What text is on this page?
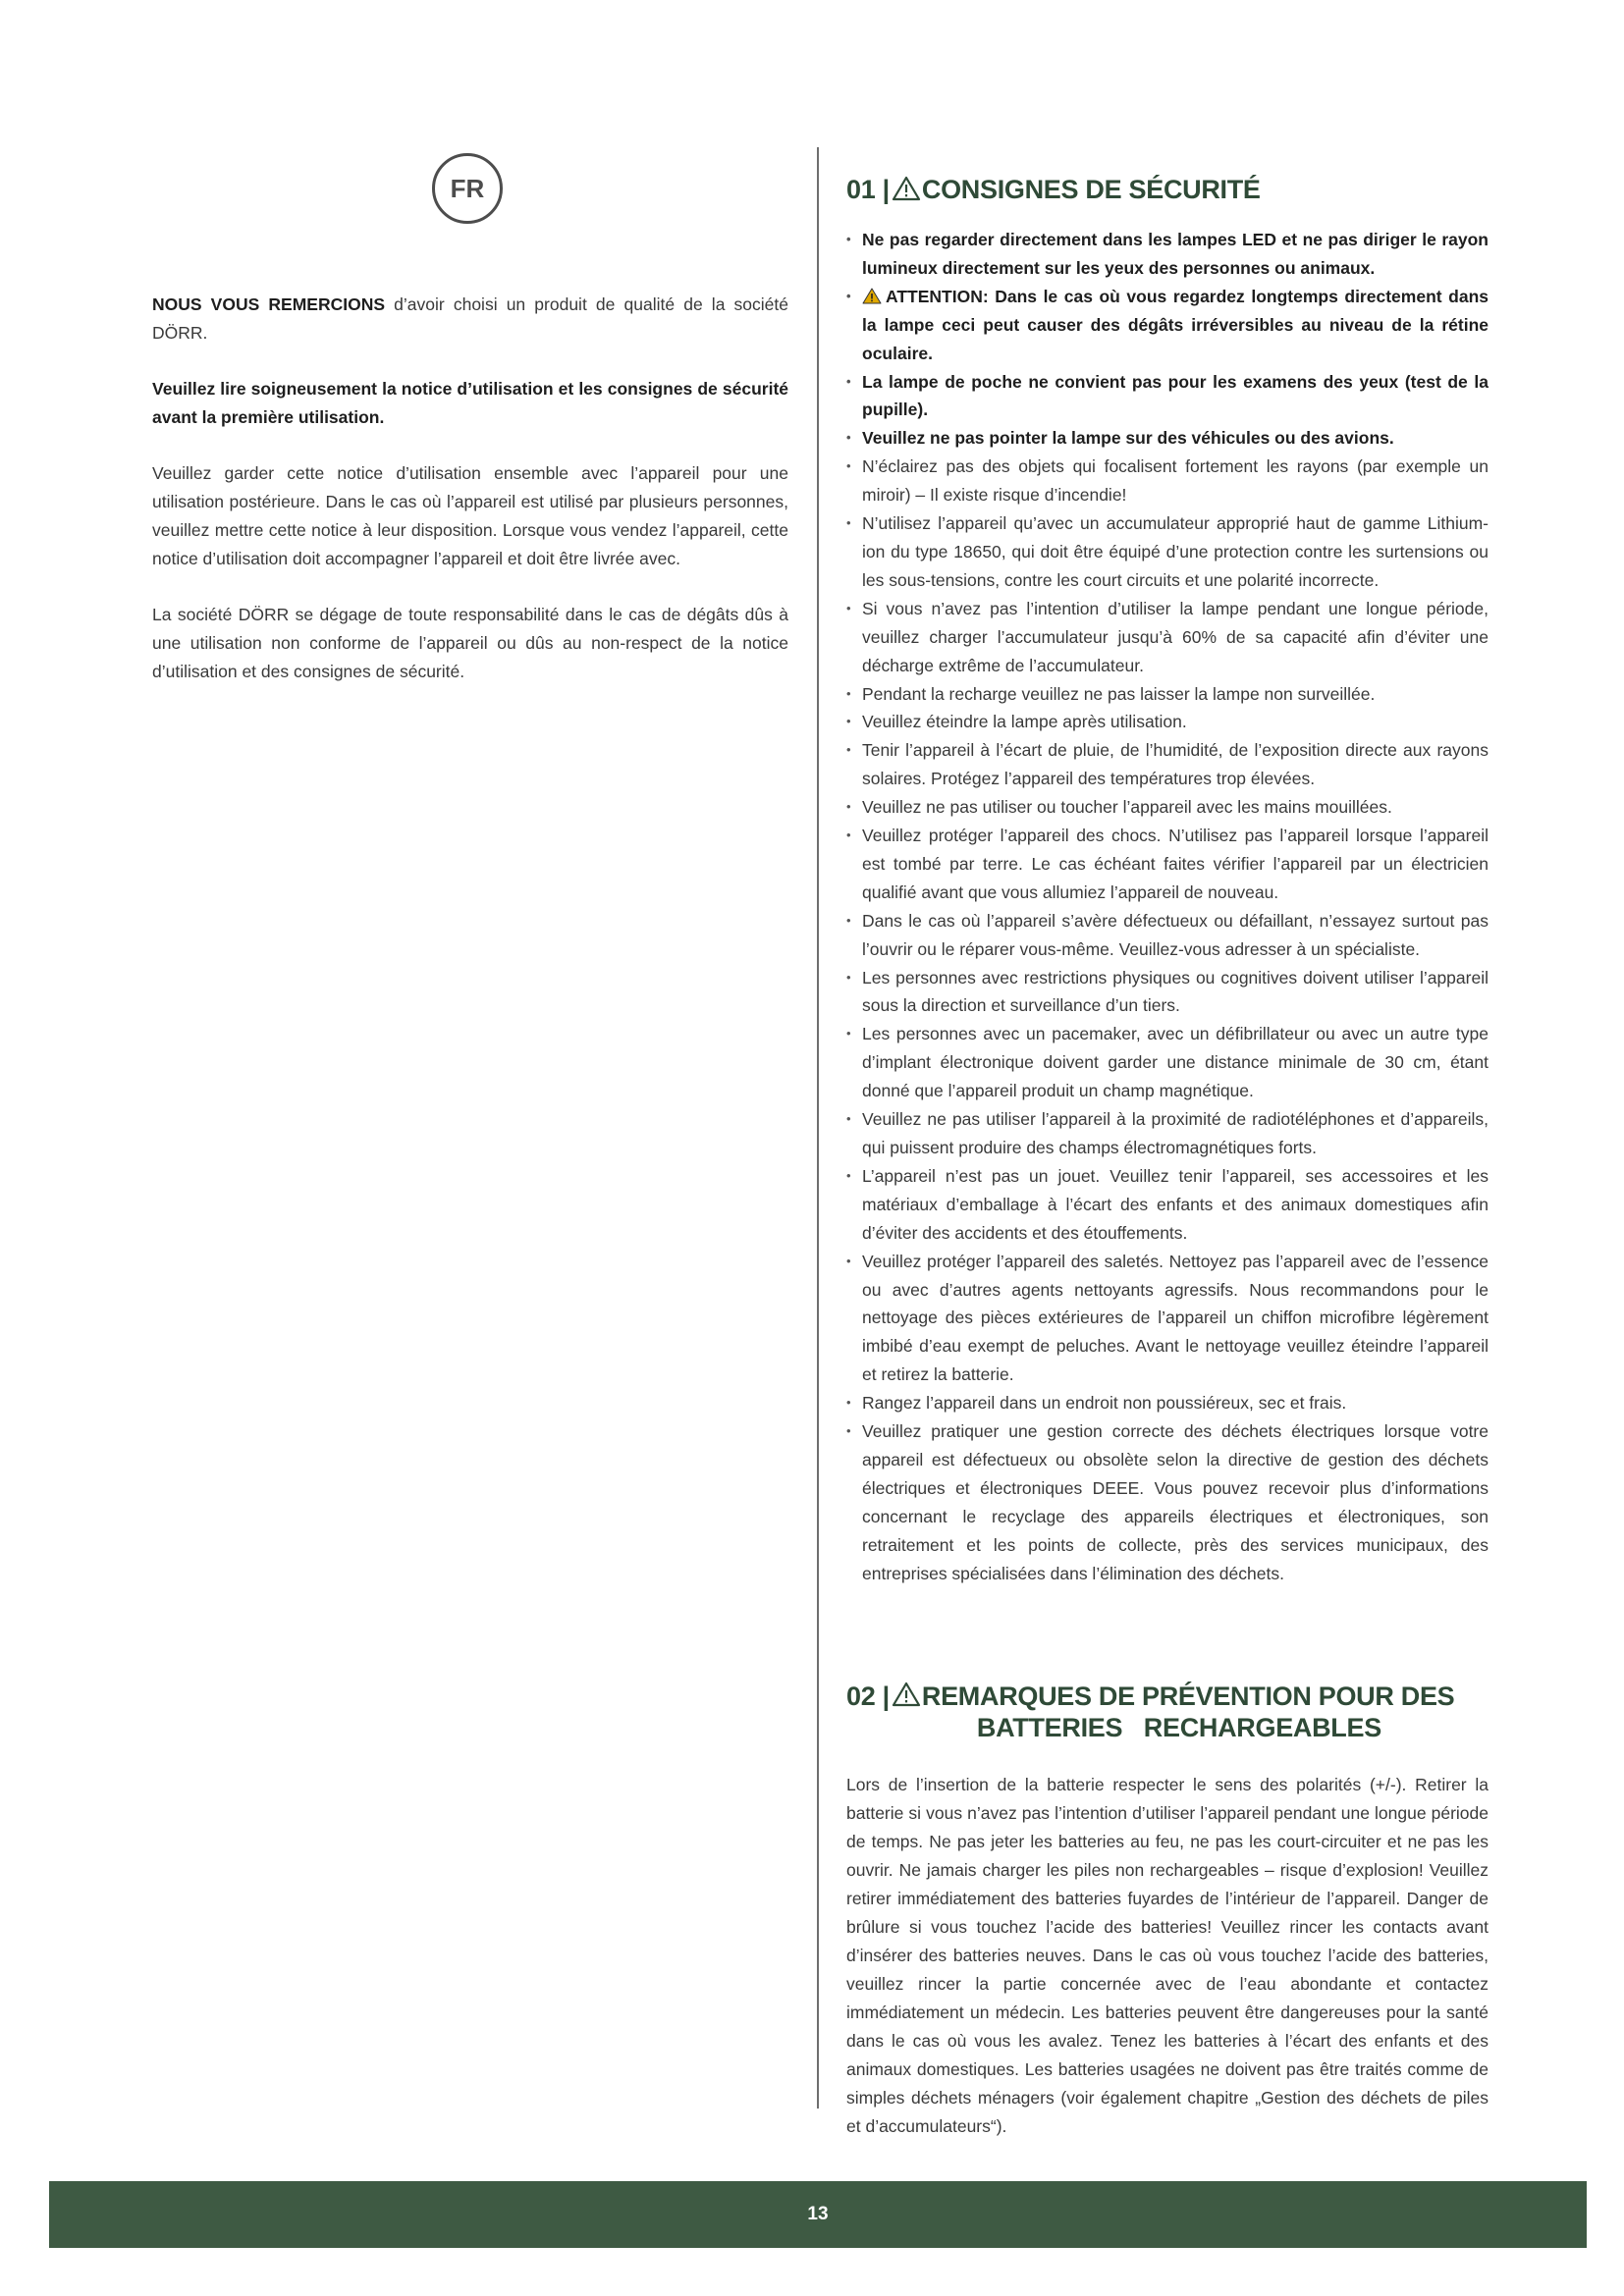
FR

NOUS VOUS REMERCIONS d’avoir choisi un produit de qualité de la société DÖRR.

Veuillez lire soigneusement la notice d’utilisation et les consignes de sécurité avant la première utilisation.

Veuillez garder cette notice d’utilisation ensemble avec l’appareil pour une utilisation postérieure. Dans le cas où l’appareil est utilisé par plusieurs personnes, veuillez mettre cette notice à leur disposition. Lorsque vous vendez l’appareil, cette notice d’utilisation doit accompagner l’appareil et doit être livrée avec.

La société DÖRR se dégage de toute responsabilité dans le cas de dégâts dûs à une utilisation non conforme de l’appareil ou dûs au non-respect de la notice d’utilisation et des consignes de sécurité.

01 | CONSIGNES DE SÉCURITÉ
• Ne pas regarder directement dans les lampes LED et ne pas diriger le rayon lumineux directement sur les yeux des personnes ou animaux.
• ATTENTION: Dans le cas où vous regardez longtemps directement dans la lampe ceci peut causer des dégâts irréversibles au niveau de la rétine oculaire.
• La lampe de poche ne convient pas pour les examens des yeux (test de la pupille).
• Veuillez ne pas pointer la lampe sur des véhicules ou des avions.
• N’éclairez pas des objets qui focalisent fortement les rayons (par exemple un miroir) – Il existe risque d’incendie!
• N’utilisez l’appareil qu’avec un accumulateur approprié haut de gamme Lithium-ion du type 18650, qui doit être équipé d’une protection contre les surtensions ou les sous-tensions, contre les court circuits et une polarité incorrecte.
• Si vous n’avez pas l’intention d’utiliser la lampe pendant une longue période, veuillez charger l’accumulateur jusqu’à 60% de sa capacité afin d’éviter une décharge extrême de l’accumulateur.
• Pendant la recharge veuillez ne pas laisser la lampe non surveillée.
• Veuillez éteindre la lampe après utilisation.
• Tenir l’appareil à l’écart de pluie, de l’humidité, de l’exposition directe aux rayons solaires. Protégez l’appareil des températures trop élevées.
• Veuillez ne pas utiliser ou toucher l’appareil avec les mains mouillées.
• Veuillez protéger l’appareil des chocs. N’utilisez pas l’appareil lorsque l’appareil est tombé par terre. Le cas échéant faites vérifier l’appareil par un électricien qualifié avant que vous allumiez l’appareil de nouveau.
• Dans le cas où l’appareil s’avère défectueux ou défaillant, n’essayez surtout pas l’ouvrir ou le réparer vous-même. Veuillez-vous adresser à un spécialiste.
• Les personnes avec restrictions physiques ou cognitives doivent utiliser l’appareil sous la direction et surveillance d’un tiers.
• Les personnes avec un pacemaker, avec un défibrillateur ou avec un autre type d’implant électronique doivent garder une distance minimale de 30 cm, étant donné que l’appareil produit un champ magnétique.
• Veuillez ne pas utiliser l’appareil à la proximité de radiotéléphones et d’appareils, qui puissent produire des champs électromagnétiques forts.
• L’appareil n’est pas un jouet. Veuillez tenir l’appareil, ses accessoires et les matériaux d’emballage à l’écart des enfants et des animaux domestiques afin d’éviter des accidents et des étouffements.
• Veuillez protéger l’appareil des saletés. Nettoyez pas l’appareil avec de l’essence ou avec d’autres agents nettoyants agressifs. Nous recommandons pour le nettoyage des pièces extérieures de l’appareil un chiffon microfibre légèrement imbibé d’eau exempt de peluches. Avant le nettoyage veuillez éteindre l’appareil et retirez la batterie.
• Rangez l’appareil dans un endroit non poussiéreux, sec et frais.
• Veuillez pratiquer une gestion correcte des déchets électriques lorsque votre appareil est défectueux ou obsolète selon la directive de gestion des déchets électriques et électroniques DEEE. Vous pouvez recevoir plus d’informations concernant le recyclage des appareils électriques et électroniques, son retraitement et les points de collecte, près des services municipaux, des entreprises spécialisées dans l’élimination des déchets.
02 | REMARQUES DE PRÉVENTION POUR DES
BATTERIES   RECHARGEABLES

Lors de l’insertion de la batterie respecter le sens des polarités (+/-). Retirer la batterie si vous n’avez pas l’intention d’utiliser l’appareil pendant une longue période de temps. Ne pas jeter les batteries au feu, ne pas les court-circuiter et ne pas les ouvrir. Ne jamais charger les piles non rechargeables – risque d’explosion! Veuillez retirer immédiatement des batteries fuyardes de l’intérieur de l’appareil. Danger de brûlure si vous touchez l’acide des batteries! Veuillez rincer les contacts avant d’insérer des batteries neuves. Dans le cas où vous touchez l’acide des batteries, veuillez rincer la partie concernée avec de l’eau abondante et contactez immédiatement un médecin. Les batteries peuvent être dangereuses pour la santé dans le cas où vous les avalez. Tenez les batteries à l’écart des enfants et des animaux domestiques. Les batteries usagées ne doivent pas être traités comme de simples déchets ménagers (voir également chapitre „Gestion des déchets de piles et d’accumulateurs“).

13
